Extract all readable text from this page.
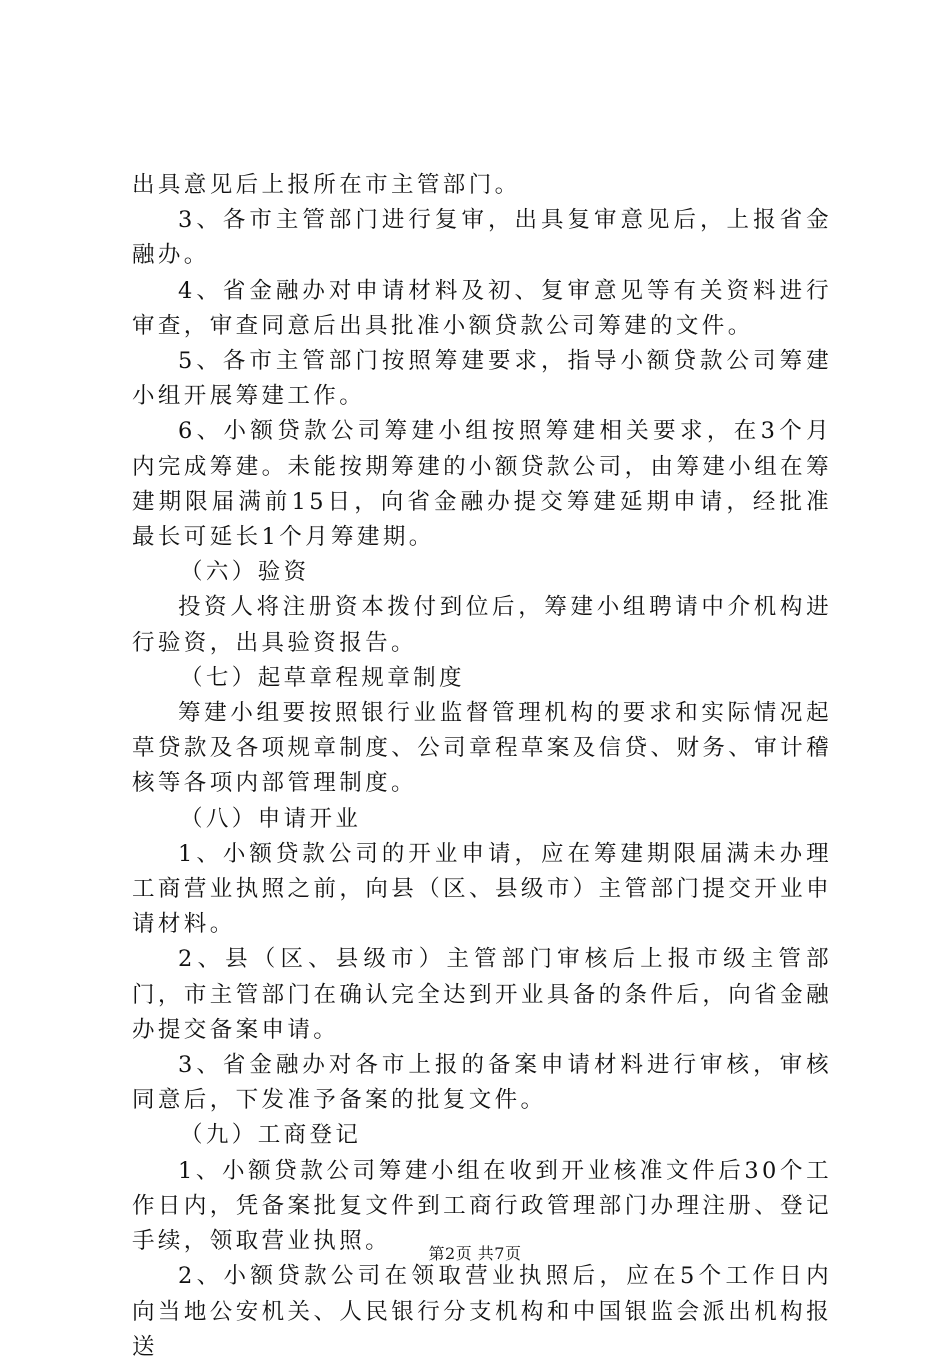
出具意见后上报所在市主管部门。

3、各市主管部门进行复审，出具复审意见后，上报省金融办。

4、省金融办对申请材料及初、复审意见等有关资料进行审查，审查同意后出具批准小额贷款公司筹建的文件。

5、各市主管部门按照筹建要求，指导小额贷款公司筹建小组开展筹建工作。

6、小额贷款公司筹建小组按照筹建相关要求，在3个月内完成筹建。未能按期筹建的小额贷款公司，由筹建小组在筹建期限届满前15日，向省金融办提交筹建延期申请，经批准最长可延长1个月筹建期。

（六）验资

投资人将注册资本拨付到位后，筹建小组聘请中介机构进行验资，出具验资报告。

（七）起草章程规章制度

筹建小组要按照银行业监督管理机构的要求和实际情况起草贷款及各项规章制度、公司章程草案及信贷、财务、审计稽核等各项内部管理制度。

（八）申请开业

1、小额贷款公司的开业申请，应在筹建期限届满未办理工商营业执照之前，向县（区、县级市）主管部门提交开业申请材料。

2、县（区、县级市）主管部门审核后上报市级主管部门，市主管部门在确认完全达到开业具备的条件后，向省金融办提交备案申请。

3、省金融办对各市上报的备案申请材料进行审核，审核同意后，下发准予备案的批复文件。

（九）工商登记

1、小额贷款公司筹建小组在收到开业核准文件后30个工作日内，凭备案批复文件到工商行政管理部门办理注册、登记手续，领取营业执照。

2、小额贷款公司在领取营业执照后，应在5个工作日内向当地公安机关、人民银行分支机构和中国银监会派出机构报送

第2页 共7页
